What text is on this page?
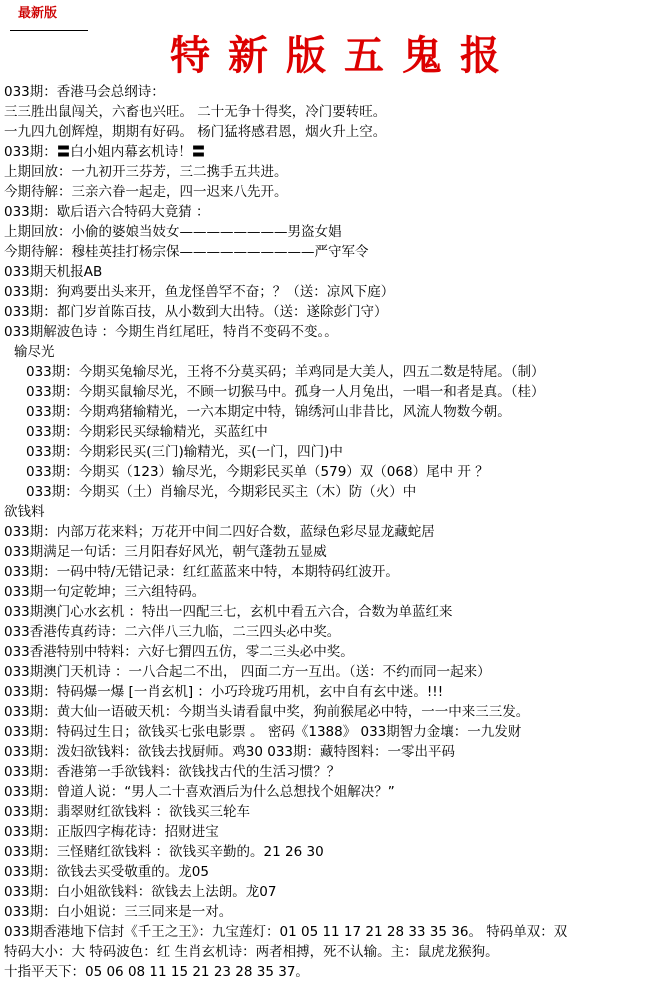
最新版
特新版五鬼报
033期：香港马会总纲诗：
三三胜出鼠闯关，六畜也兴旺。 二十无争十得奖，冷门要转旺。
一九四九创辉煌，期期有好码。 杨门猛将感君恩，烟火升上空。
033期：〓白小姐内幕玄机诗！〓
上期回放：一九初开三芬芳，三二携手五共进。
今期待解：三亲六眷一起走，四一迟来八先开。
033期：歇后语六合特码大竟猜 ：
上期回放：小偷的婆娘当妓女————————男盗女娼
今期待解：穆桂英挂打杨宗保——————————严守军令
033期天机报AB
033期：狗鸡要出头来开，鱼龙怪兽罕不奋；？（送：凉风下庭）
033期：都门岁首陈百技，从小数到大出特。（送：遂除彭门守）
033期解波色诗 ：今期生肖红尾旺，特肖不变码不变。。
输尽光
033期：今期买兔输尽光，王将不分莫买码；羊鸡同是大美人，四五二数是特尾。（制）
033期：今期买鼠输尽光，不顾一切猴马中。孤身一人月兔出，一唱一和者是真。（桂）
033期：今期鸡猪输精光，一六本期定中特，锦绣河山非昔比，风流人物数今朝。
033期：今期彩民买绿输精光，买蓝红中
033期：今期彩民买(三门)输精光，买(一门，四门)中
033期：今期买（123）输尽光，今期彩民买单（579）双（068）尾中 开 ？
033期：今期买（土）肖输尽光，今期彩民买主（木）防（火）中
欲钱料
033期：内部万花来料；万花开中间二四好合数，蓝绿色彩尽显龙藏蛇居
033期满足一句话：三月阳春好风光，朝气蓬勃五显威
033期：一码中特/无错记录：红红蓝蓝来中特，本期特码红波开。
033期一句定乾坤；三六组特码。
033期澳门心水玄机 ：特出一四配三七，玄机中看五六合，合数为单蓝红来
033香港传真药诗：二六伴八三九临，二三四头必中奖。
033香港特别中特料：六好七猬四五仿，零二三头必中奖。
033期澳门天机诗 ：一八合起二不出， 四面二方一互出。（送：不约而同一起来）
033期：特码爆一爆 [一肖玄机] ：小巧玲珑巧用机，玄中自有玄中迷。!!!
033期：黄大仙一语破天机：今期当头请看鼠中奖，狗前猴尾必中特，一一中来三三发。
033期：特码过生日；欲钱买七张电影票 。 密码《1388》 033期智力金壤：一九发财
033期：泼妇欲钱料：欲钱去找厨师。鸡30 033期：藏特图料：一零出平码
033期：香港第一手欲钱料：欲钱找古代的生活习惯？？
033期：曾道人说：“男人二十喜欢酒后为什么总想找个姐解决？”
033期：翡翠财红欲钱料 ：欲钱买三轮车
033期：正版四字梅花诗：招财进宝
033期：三怪赌红欲钱料 ：欲钱买辛勤的。21 26 30
033期：欲钱去买受敬重的。龙05
033期：白小姐欲钱料：欲钱去上法朗。龙07
033期：白小姐说：三三同来是一对。
033期香港地下信封《千王之王》：九宝莲灯：01 05 11 17 21 28 33 35 36。 特码单双：双
特码大小：大 特码波色：红 生肖玄机诗：两者相搏，死不认输。主：鼠虎龙猴狗。
十指平天下：05 06 08 11 15 21 23 28 35 37。
